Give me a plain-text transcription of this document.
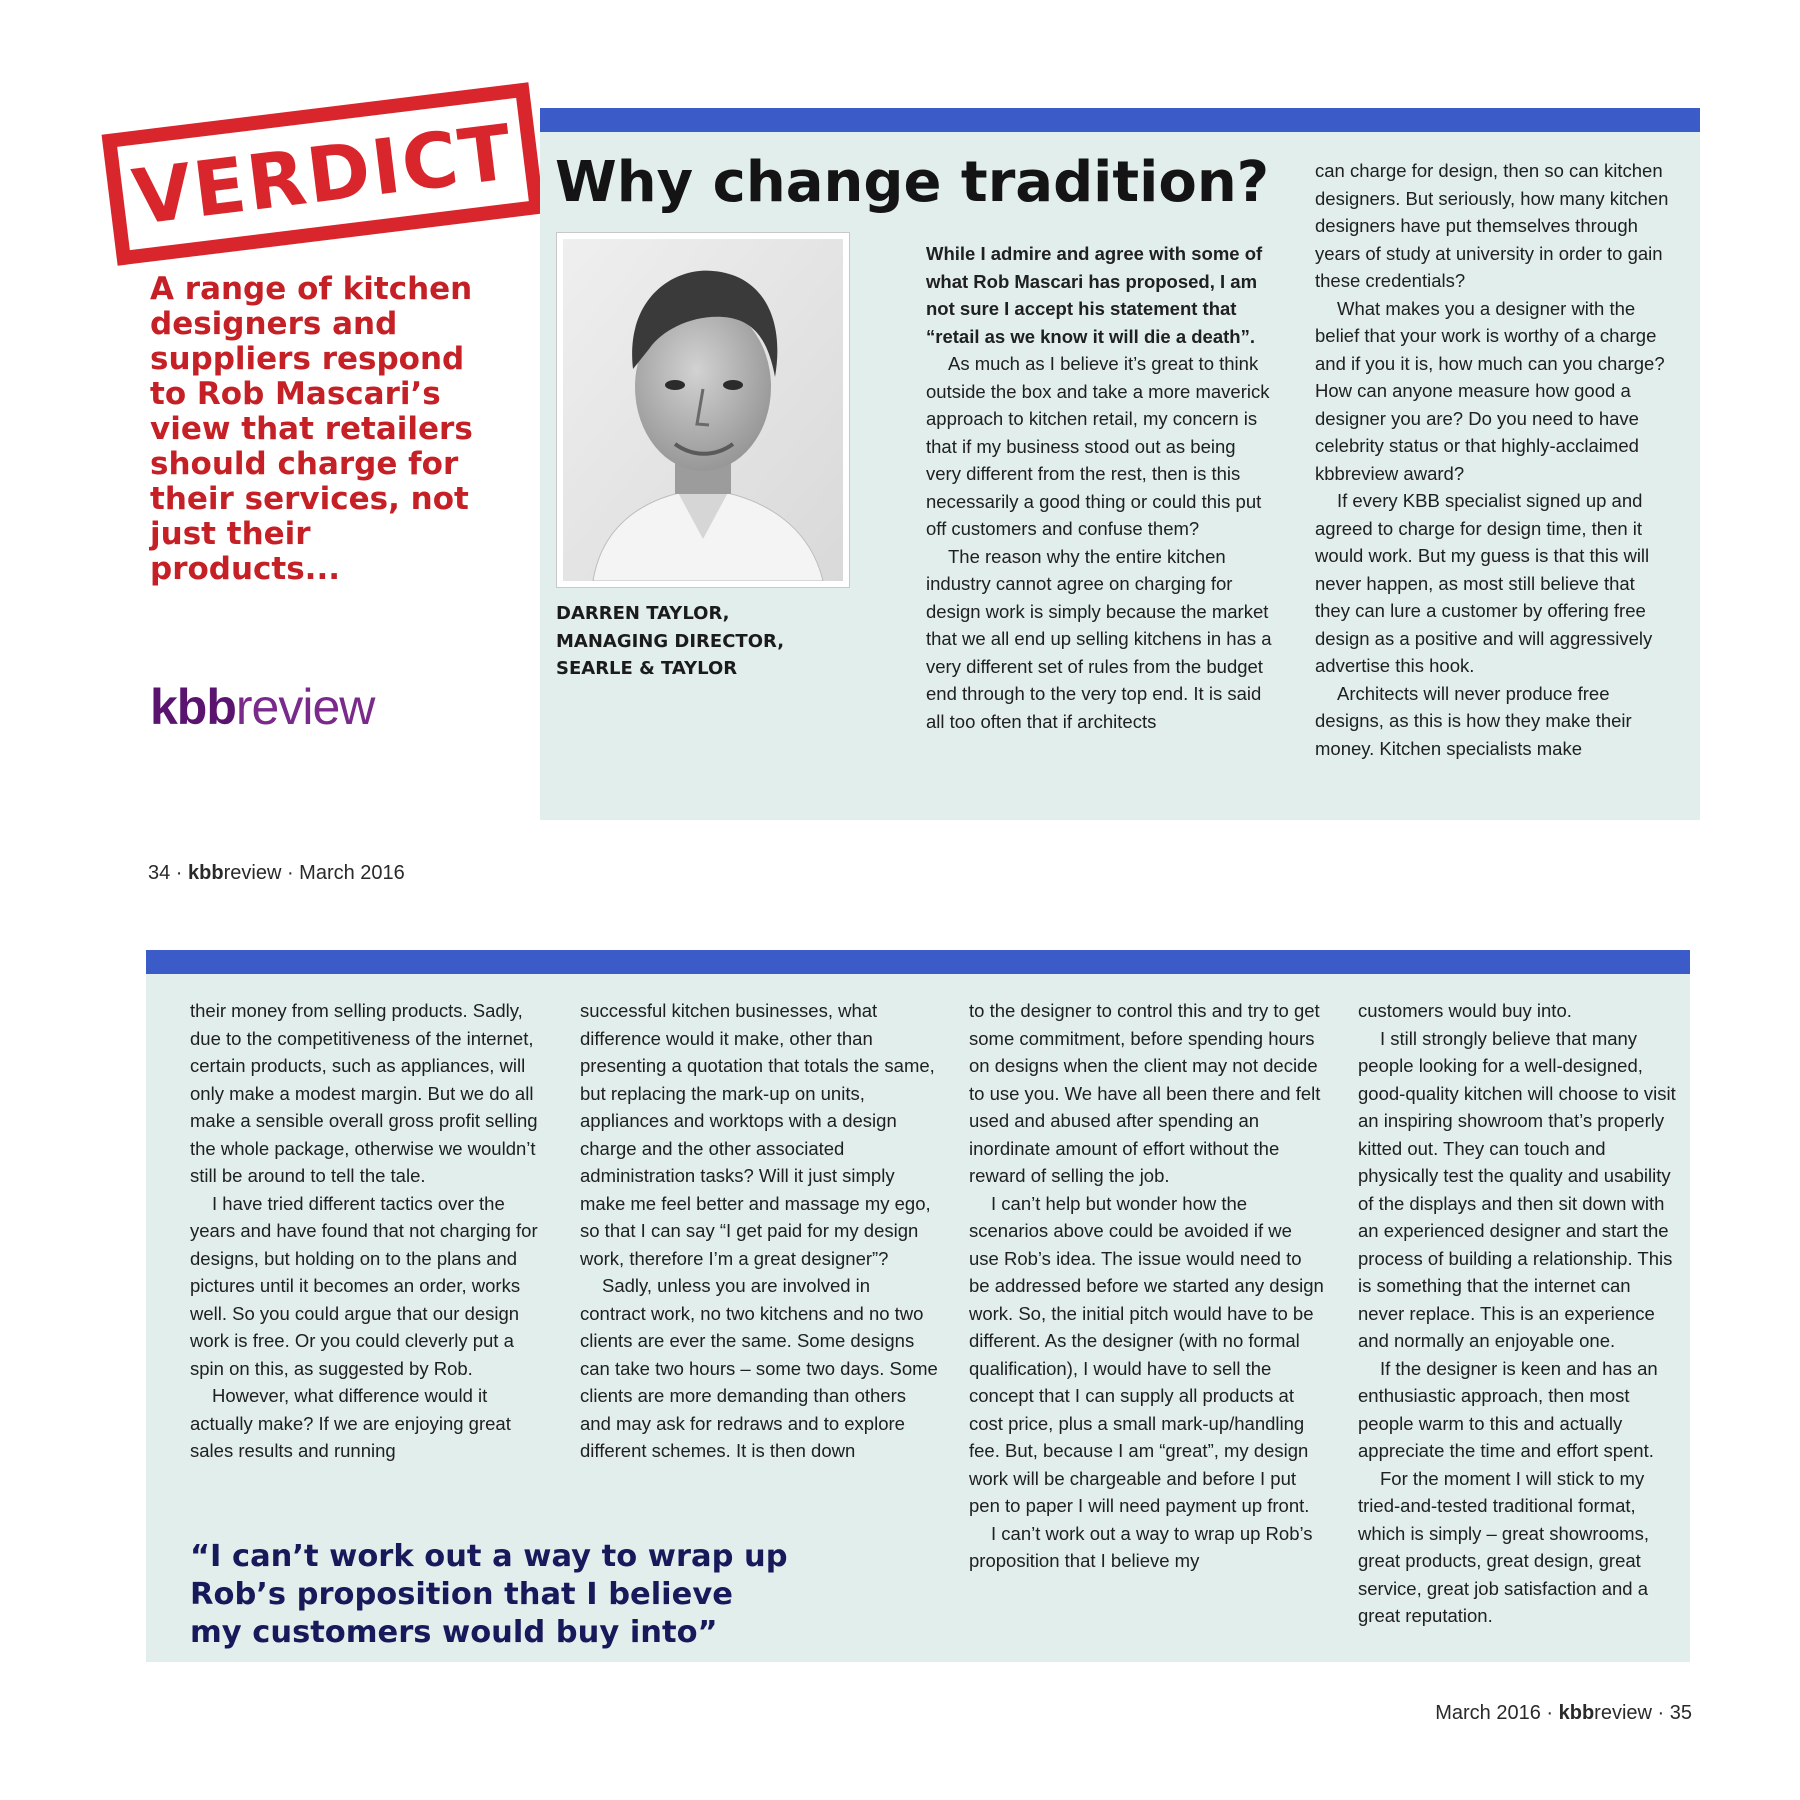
VERDICT
A range of kitchen designers and suppliers respond to Rob Mascari’s view that retailers should charge for their services, not just their products...
kbbreview
Why change tradition?
DARREN TAYLOR,
MANAGING DIRECTOR,
SEARLE & TAYLOR

While I admire and agree with some of what Rob Mascari has proposed, I am not sure I accept his statement that “retail as we know it will die a death”.

As much as I believe it’s great to think outside the box and take a more maverick approach to kitchen retail, my concern is that if my business stood out as being very different from the rest, then is this necessarily a good thing or could this put off customers and confuse them?

The reason why the entire kitchen industry cannot agree on charging for design work is simply because the market that we all end up selling kitchens in has a very different set of rules from the budget end through to the very top end. It is said all too often that if architects

can charge for design, then so can kitchen designers. But seriously, how many kitchen designers have put themselves through years of study at university in order to gain these credentials?

What makes you a designer with the belief that your work is worthy of a charge and if you it is, how much can you charge? How can anyone measure how good a designer you are? Do you need to have celebrity status or that highly-acclaimed kbbreview award?

If every KBB specialist signed up and agreed to charge for design time, then it would work. But my guess is that this will never happen, as most still believe that they can lure a customer by offering free design as a positive and will aggressively advertise this hook.

Architects will never produce free designs, as this is how they make their money. Kitchen specialists make

34 · kbbreview · March 2016

their money from selling products. Sadly, due to the competitiveness of the internet, certain products, such as appliances, will only make a modest margin. But we do all make a sensible overall gross profit selling the whole package, otherwise we wouldn’t still be around to tell the tale.

I have tried different tactics over the years and have found that not charging for designs, but holding on to the plans and pictures until it becomes an order, works well. So you could argue that our design work is free. Or you could cleverly put a spin on this, as suggested by Rob.

However, what difference would it actually make? If we are enjoying great sales results and running

successful kitchen businesses, what difference would it make, other than presenting a quotation that totals the same, but replacing the mark-up on units, appliances and worktops with a design charge and the other associated administration tasks? Will it just simply make me feel better and massage my ego, so that I can say “I get paid for my design work, therefore I’m a great designer”?

Sadly, unless you are involved in contract work, no two kitchens and no two clients are ever the same. Some designs can take two hours – some two days. Some clients are more demanding than others and may ask for redraws and to explore different schemes. It is then down

“I can’t work out a way to wrap up Rob’s proposition that I believe my customers would buy into”

to the designer to control this and try to get some commitment, before spending hours on designs when the client may not decide to use you. We have all been there and felt used and abused after spending an inordinate amount of effort without the reward of selling the job.

I can’t help but wonder how the scenarios above could be avoided if we use Rob’s idea. The issue would need to be addressed before we started any design work. So, the initial pitch would have to be different. As the designer (with no formal qualification), I would have to sell the concept that I can supply all products at cost price, plus a small mark-up/handling fee. But, because I am “great”, my design work will be chargeable and before I put pen to paper I will need payment up front.

I can’t work out a way to wrap up Rob’s proposition that I believe my

customers would buy into.

I still strongly believe that many people looking for a well-designed, good-quality kitchen will choose to visit an inspiring showroom that’s properly kitted out. They can touch and physically test the quality and usability of the displays and then sit down with an experienced designer and start the process of building a relationship. This is something that the internet can never replace. This is an experience and normally an enjoyable one.

If the designer is keen and has an enthusiastic approach, then most people warm to this and actually appreciate the time and effort spent.

For the moment I will stick to my tried-and-tested traditional format, which is simply – great showrooms, great products, great design, great service, great job satisfaction and a great reputation.

March 2016 · kbbreview · 35
